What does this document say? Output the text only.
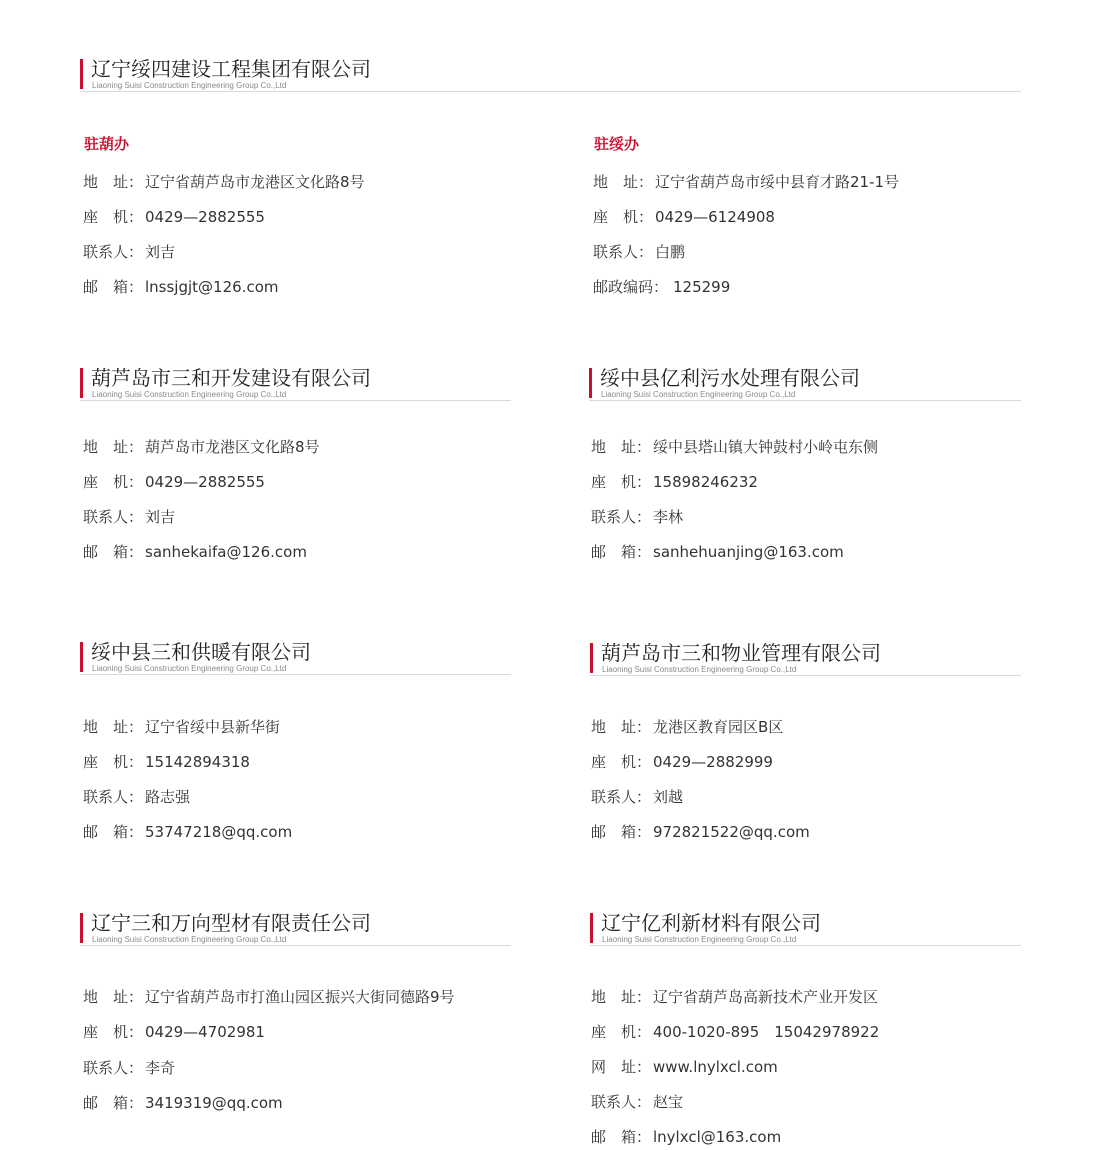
辽宁绥四建设工程集团有限公司
Liaoning Suisi Construction Engineering Group Co.,Ltd
驻葫办
地　址： 辽宁省葫芦岛市龙港区文化路8号
座　机： 0429—2882555
联系人： 刘吉
邮　箱： lnssjgjt@126.com
驻绥办
地　址： 辽宁省葫芦岛市绥中县育才路21-1号
座　机： 0429—6124908
联系人： 白鹏
邮政编码： 125299
葫芦岛市三和开发建设有限公司
Liaoning Suisi Construction Engineering Group Co.,Ltd
地　址： 葫芦岛市龙港区文化路8号
座　机： 0429—2882555
联系人： 刘吉
邮　箱： sanhekaifa@126.com
绥中县亿利污水处理有限公司
Liaoning Suisi Construction Engineering Group Co.,Ltd
地　址： 绥中县塔山镇大钟鼓村小岭屯东侧
座　机： 15898246232
联系人： 李林
邮　箱： sanhehuanjing@163.com
绥中县三和供暖有限公司
Liaoning Suisi Construction Engineering Group Co.,Ltd
地　址： 辽宁省绥中县新华街
座　机： 15142894318
联系人： 路志强
邮　箱： 53747218@qq.com
葫芦岛市三和物业管理有限公司
Liaoning Suisi Construction Engineering Group Co.,Ltd
地　址： 龙港区教育园区B区
座　机： 0429—2882999
联系人： 刘越
邮　箱： 972821522@qq.com
辽宁三和万向型材有限责任公司
Liaoning Suisi Construction Engineering Group Co.,Ltd
地　址： 辽宁省葫芦岛市打渔山园区振兴大街同德路9号
座　机： 0429—4702981
联系人： 李奇
邮　箱： 3419319@qq.com
辽宁亿利新材料有限公司
Liaoning Suisi Construction Engineering Group Co.,Ltd
地　址： 辽宁省葫芦岛高新技术产业开发区
座　机： 400-1020-895　15042978922
网　址： www.lnylxcl.com
联系人： 赵宝
邮　箱： lnylxcl@163.com
